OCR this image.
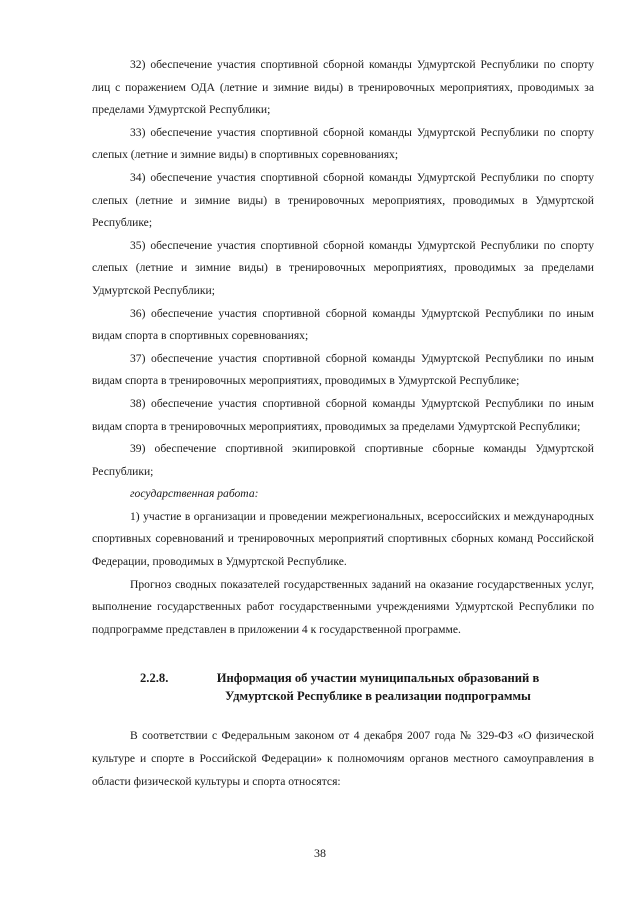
32) обеспечение участия спортивной сборной команды Удмуртской Республики по спорту лиц с поражением ОДА (летние и зимние виды) в тренировочных мероприятиях, проводимых за пределами Удмуртской Республики;

33) обеспечение участия спортивной сборной команды Удмуртской Республики по спорту слепых (летние и зимние виды) в спортивных соревнованиях;

34) обеспечение участия спортивной сборной команды Удмуртской Республики по спорту слепых (летние и зимние виды) в тренировочных мероприятиях, проводимых в Удмуртской Республике;

35) обеспечение участия спортивной сборной команды Удмуртской Республики по спорту слепых (летние и зимние виды) в тренировочных мероприятиях, проводимых за пределами Удмуртской Республики;

36) обеспечение участия спортивной сборной команды Удмуртской Республики по иным видам спорта в спортивных соревнованиях;

37) обеспечение участия спортивной сборной команды Удмуртской Республики по иным видам спорта в тренировочных мероприятиях, проводимых в Удмуртской Республике;

38) обеспечение участия спортивной сборной команды Удмуртской Республики по иным видам спорта в тренировочных мероприятиях, проводимых за пределами Удмуртской Республики;

39) обеспечение спортивной экипировкой спортивные сборные команды Удмуртской Республики;

государственная работа:

1) участие в организации и проведении межрегиональных, всероссийских и международных спортивных соревнований и тренировочных мероприятий спортивных сборных команд Российской Федерации, проводимых в Удмуртской Республике.

Прогноз сводных показателей государственных заданий на оказание государственных услуг, выполнение государственных работ государственными учреждениями Удмуртской Республики по подпрограмме представлен в приложении 4 к государственной программе.

2.2.8.	Информация об участии муниципальных образований в Удмуртской Республике в реализации подпрограммы

В соответствии с Федеральным законом от 4 декабря 2007 года № 329-ФЗ «О физической культуре и спорте в Российской Федерации» к полномочиям органов местного самоуправления в области физической культуры и спорта относятся:

38
